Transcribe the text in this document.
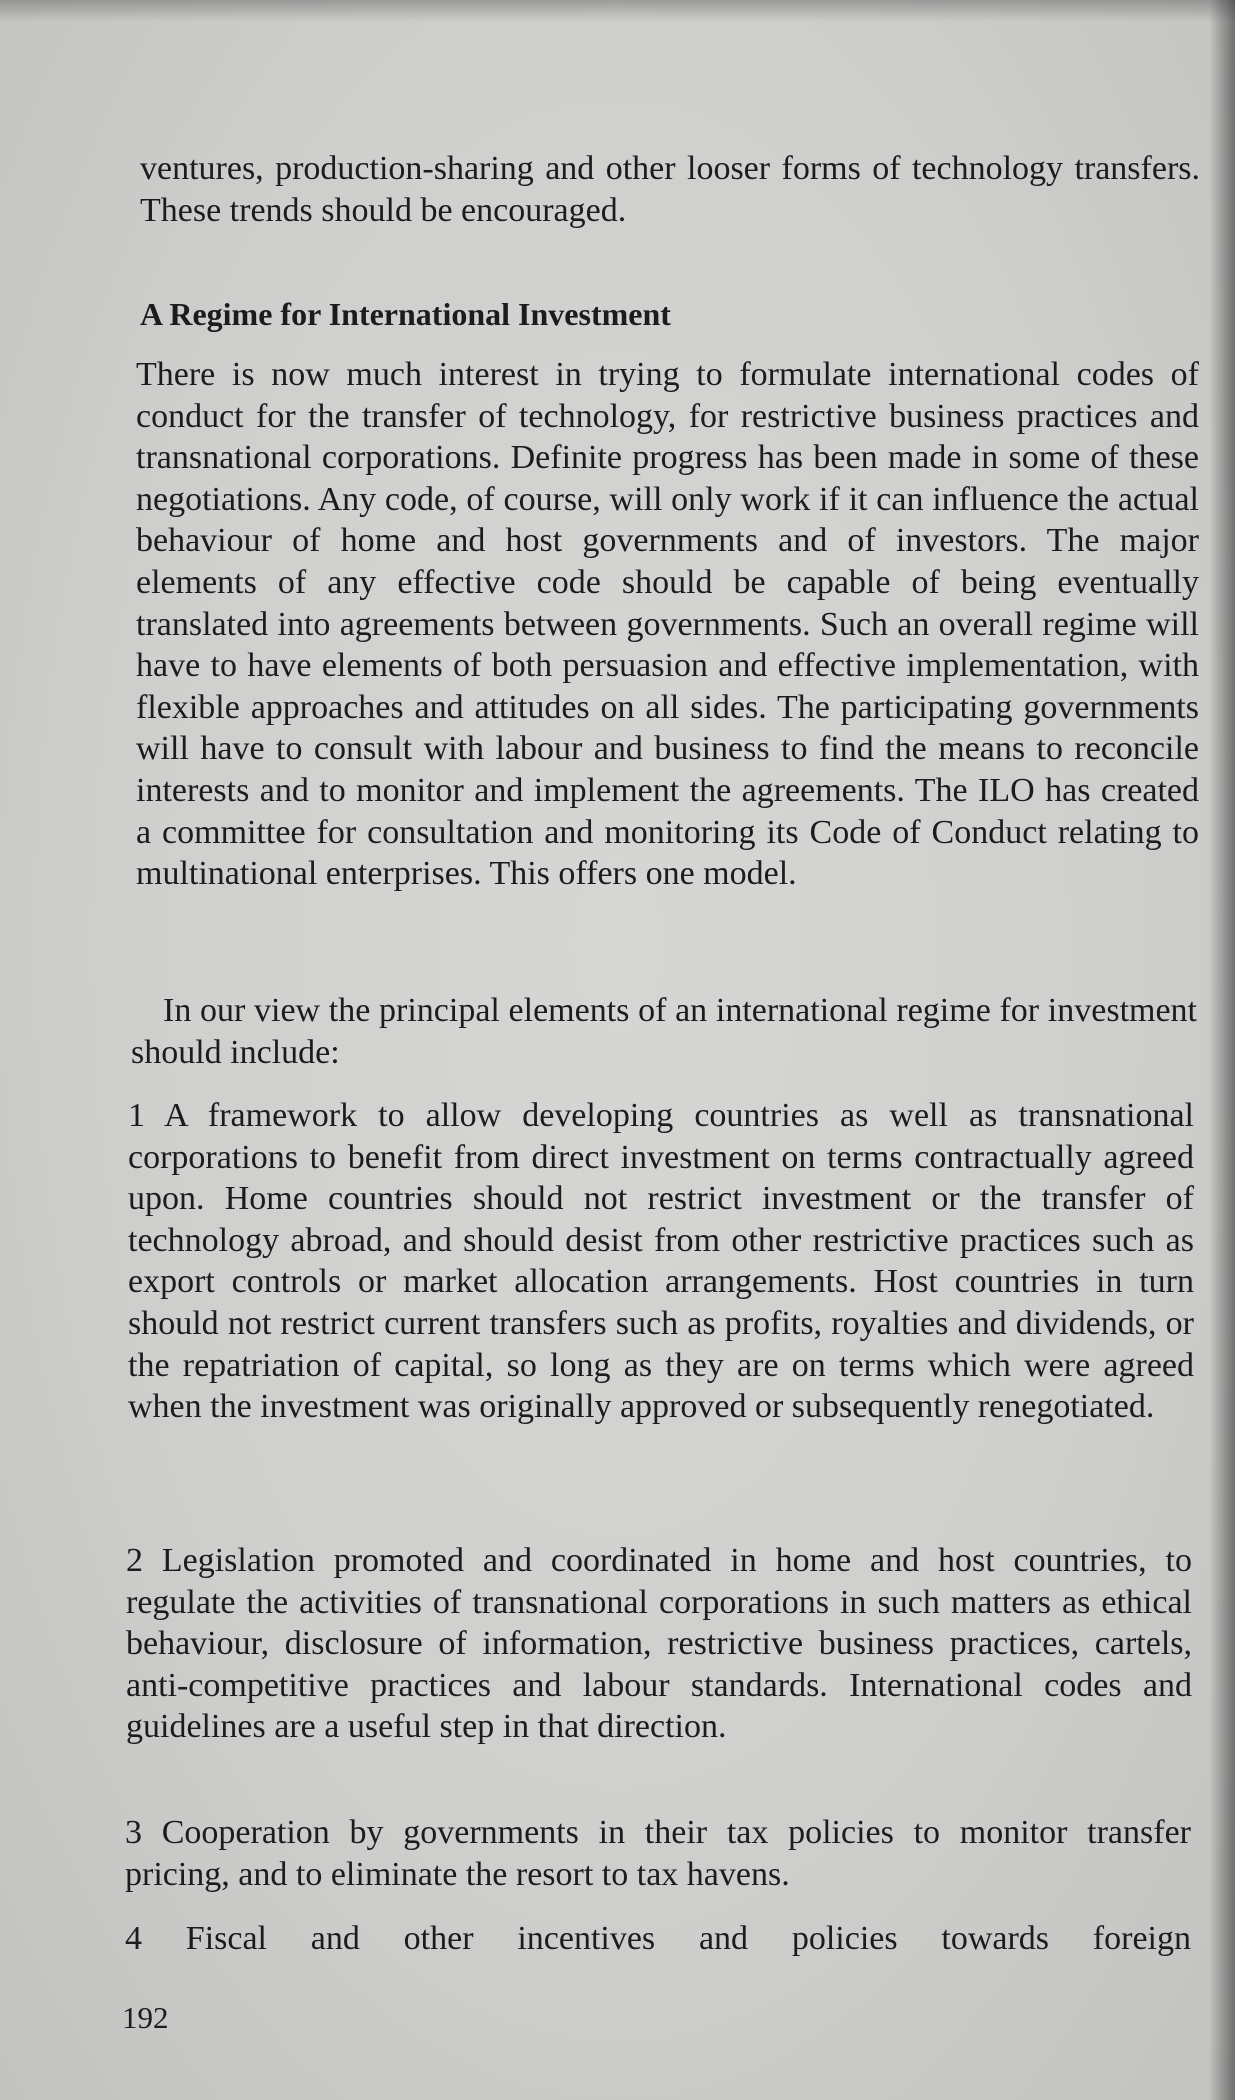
ventures, production-sharing and other looser forms of technology transfers. These trends should be encouraged.

A Regime for International Investment

There is now much interest in trying to formulate international codes of conduct for the transfer of technology, for restrictive business practices and transnational corporations. Definite progress has been made in some of these negotiations. Any code, of course, will only work if it can influence the actual behaviour of home and host governments and of investors. The major elements of any effective code should be capable of being eventually translated into agreements between governments. Such an overall regime will have to have elements of both persuasion and effective implementation, with flexible approaches and attitudes on all sides. The participating governments will have to consult with labour and business to find the means to reconcile interests and to monitor and implement the agreements. The ILO has created a committee for consultation and monitoring its Code of Conduct relating to multinational enterprises. This offers one model.

In our view the principal elements of an international regime for investment should include:

1 A framework to allow developing countries as well as transnational corporations to benefit from direct investment on terms contractually agreed upon. Home countries should not restrict investment or the transfer of technology abroad, and should desist from other restrictive practices such as export controls or market allocation arrangements. Host countries in turn should not restrict current transfers such as profits, royalties and dividends, or the repatriation of capital, so long as they are on terms which were agreed when the investment was originally approved or subsequently renegotiated.

2 Legislation promoted and coordinated in home and host countries, to regulate the activities of transnational corporations in such matters as ethical behaviour, disclosure of information, restrictive business practices, cartels, anti-competitive practices and labour standards. International codes and guidelines are a useful step in that direction.

3 Cooperation by governments in their tax policies to monitor transfer pricing, and to eliminate the resort to tax havens.

4 Fiscal and other incentives and policies towards foreign

192
